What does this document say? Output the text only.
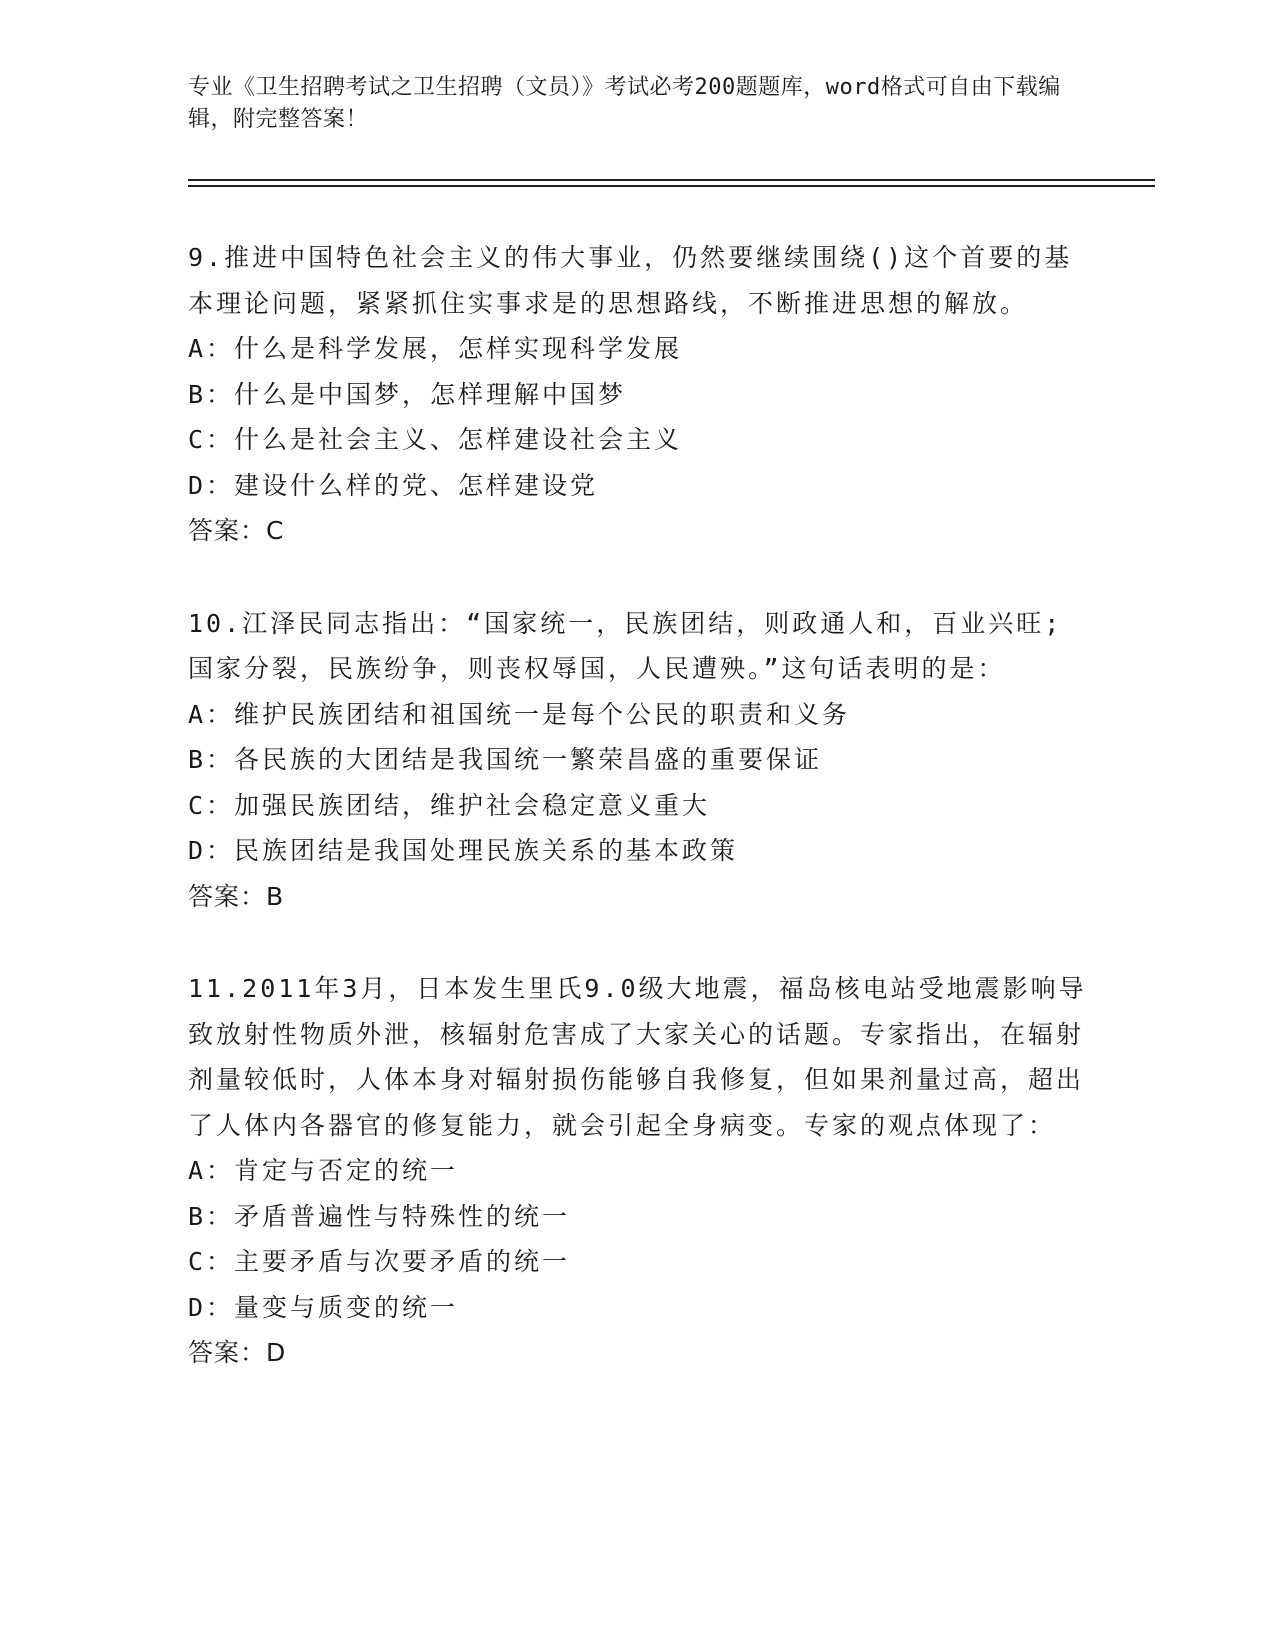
专业《卫生招聘考试之卫生招聘（文员）》考试必考200题题库，word格式可自由下载编辑，附完整答案！

9.推进中国特色社会主义的伟大事业，仍然要继续围绕()这个首要的基本理论问题，紧紧抓住实事求是的思想路线，不断推进思想的解放。

A：什么是科学发展，怎样实现科学发展

B：什么是中国梦，怎样理解中国梦

C：什么是社会主义、怎样建设社会主义

D：建设什么样的党、怎样建设党

答案：C

10.江泽民同志指出：“国家统一，民族团结，则政通人和，百业兴旺;国家分裂，民族纷争，则丧权辱国，人民遭殃。”这句话表明的是：

A：维护民族团结和祖国统一是每个公民的职责和义务

B：各民族的大团结是我国统一繁荣昌盛的重要保证

C：加强民族团结，维护社会稳定意义重大

D：民族团结是我国处理民族关系的基本政策

答案：B

11.2011年3月，日本发生里氏9.0级大地震，福岛核电站受地震影响导致放射性物质外泄，核辐射危害成了大家关心的话题。专家指出，在辐射剂量较低时，人体本身对辐射损伤能够自我修复，但如果剂量过高，超出了人体内各器官的修复能力，就会引起全身病变。专家的观点体现了：

A：肯定与否定的统一

B：矛盾普遍性与特殊性的统一

C：主要矛盾与次要矛盾的统一

D：量变与质变的统一

答案：D
